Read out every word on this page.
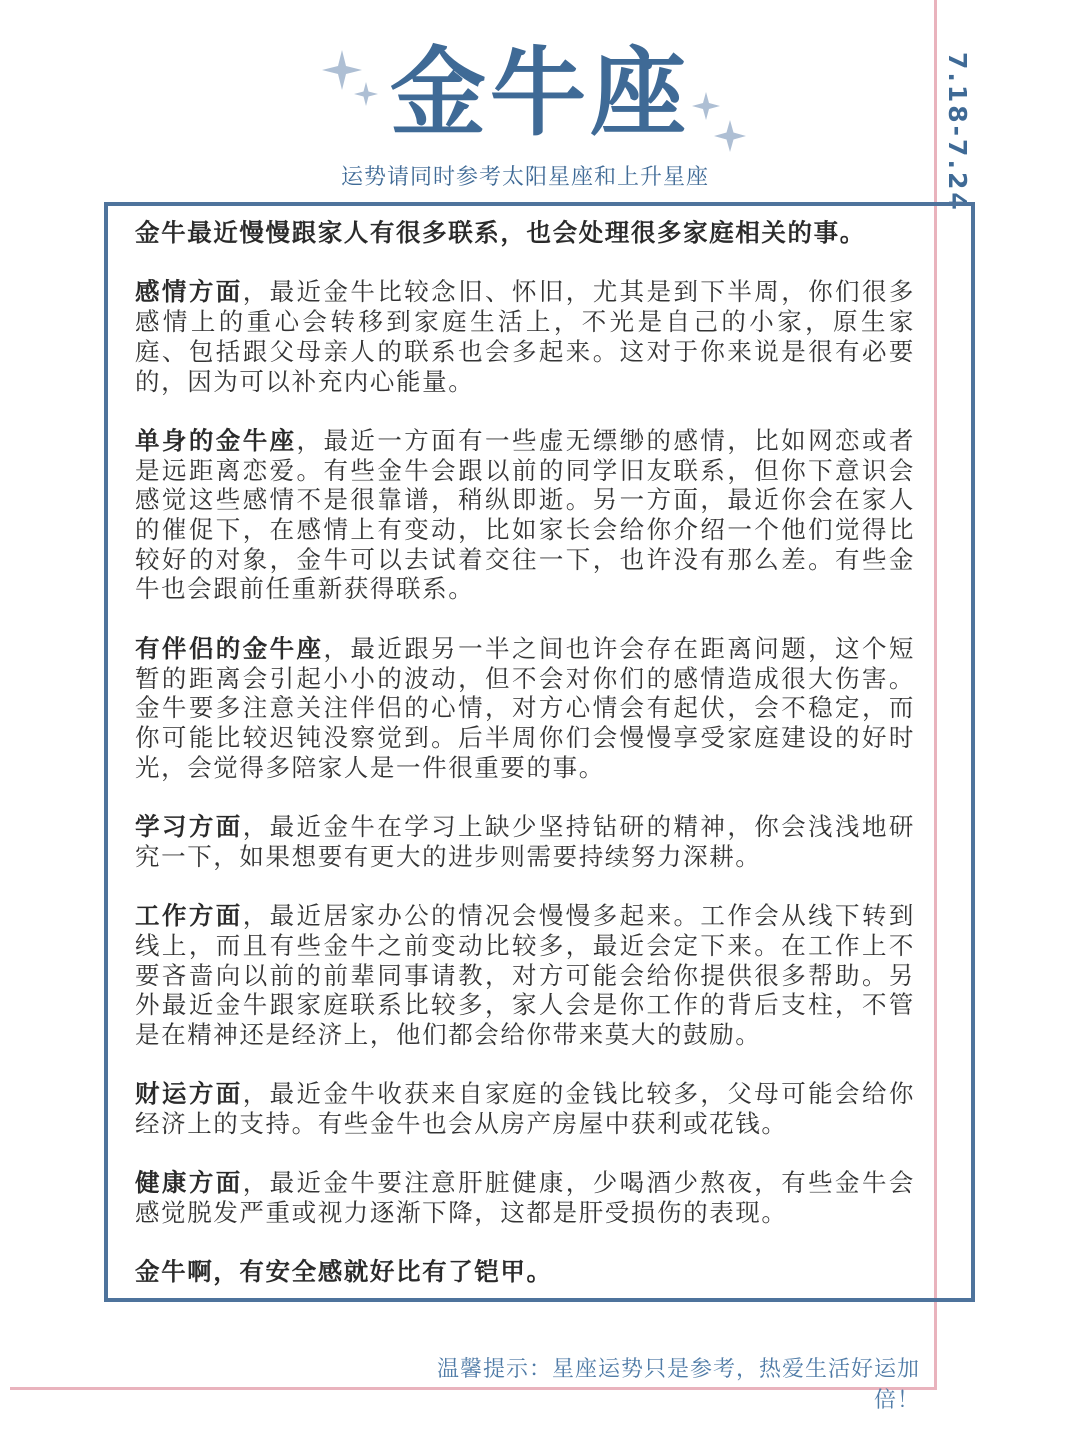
7.18-7.24
金牛座
运势请同时参考太阳星座和上升星座

金牛最近慢慢跟家人有很多联系，也会处理很多家庭相关的事。

感情方面，最近金牛比较念旧、怀旧，尤其是到下半周，你们很多感情上的重心会转移到家庭生活上，不光是自己的小家，原生家庭、包括跟父母亲人的联系也会多起来。这对于你来说是很有必要的，因为可以补充内心能量。

单身的金牛座，最近一方面有一些虚无缥缈的感情，比如网恋或者是远距离恋爱。有些金牛会跟以前的同学旧友联系，但你下意识会感觉这些感情不是很靠谱，稍纵即逝。另一方面，最近你会在家人的催促下，在感情上有变动，比如家长会给你介绍一个他们觉得比较好的对象，金牛可以去试着交往一下，也许没有那么差。有些金牛也会跟前任重新获得联系。

有伴侣的金牛座，最近跟另一半之间也许会存在距离问题，这个短暂的距离会引起小小的波动，但不会对你们的感情造成很大伤害。金牛要多注意关注伴侣的心情，对方心情会有起伏，会不稳定，而你可能比较迟钝没察觉到。后半周你们会慢慢享受家庭建设的好时光，会觉得多陪家人是一件很重要的事。

学习方面，最近金牛在学习上缺少坚持钻研的精神，你会浅浅地研究一下，如果想要有更大的进步则需要持续努力深耕。

工作方面，最近居家办公的情况会慢慢多起来。工作会从线下转到线上，而且有些金牛之前变动比较多，最近会定下来。在工作上不要吝啬向以前的前辈同事请教，对方可能会给你提供很多帮助。另外最近金牛跟家庭联系比较多，家人会是你工作的背后支柱，不管是在精神还是经济上，他们都会给你带来莫大的鼓励。

财运方面，最近金牛收获来自家庭的金钱比较多，父母可能会给你经济上的支持。有些金牛也会从房产房屋中获利或花钱。

健康方面，最近金牛要注意肝脏健康，少喝酒少熬夜，有些金牛会感觉脱发严重或视力逐渐下降，这都是肝受损伤的表现。

金牛啊，有安全感就好比有了铠甲。

温馨提示：星座运势只是参考，热爱生活好运加倍！
